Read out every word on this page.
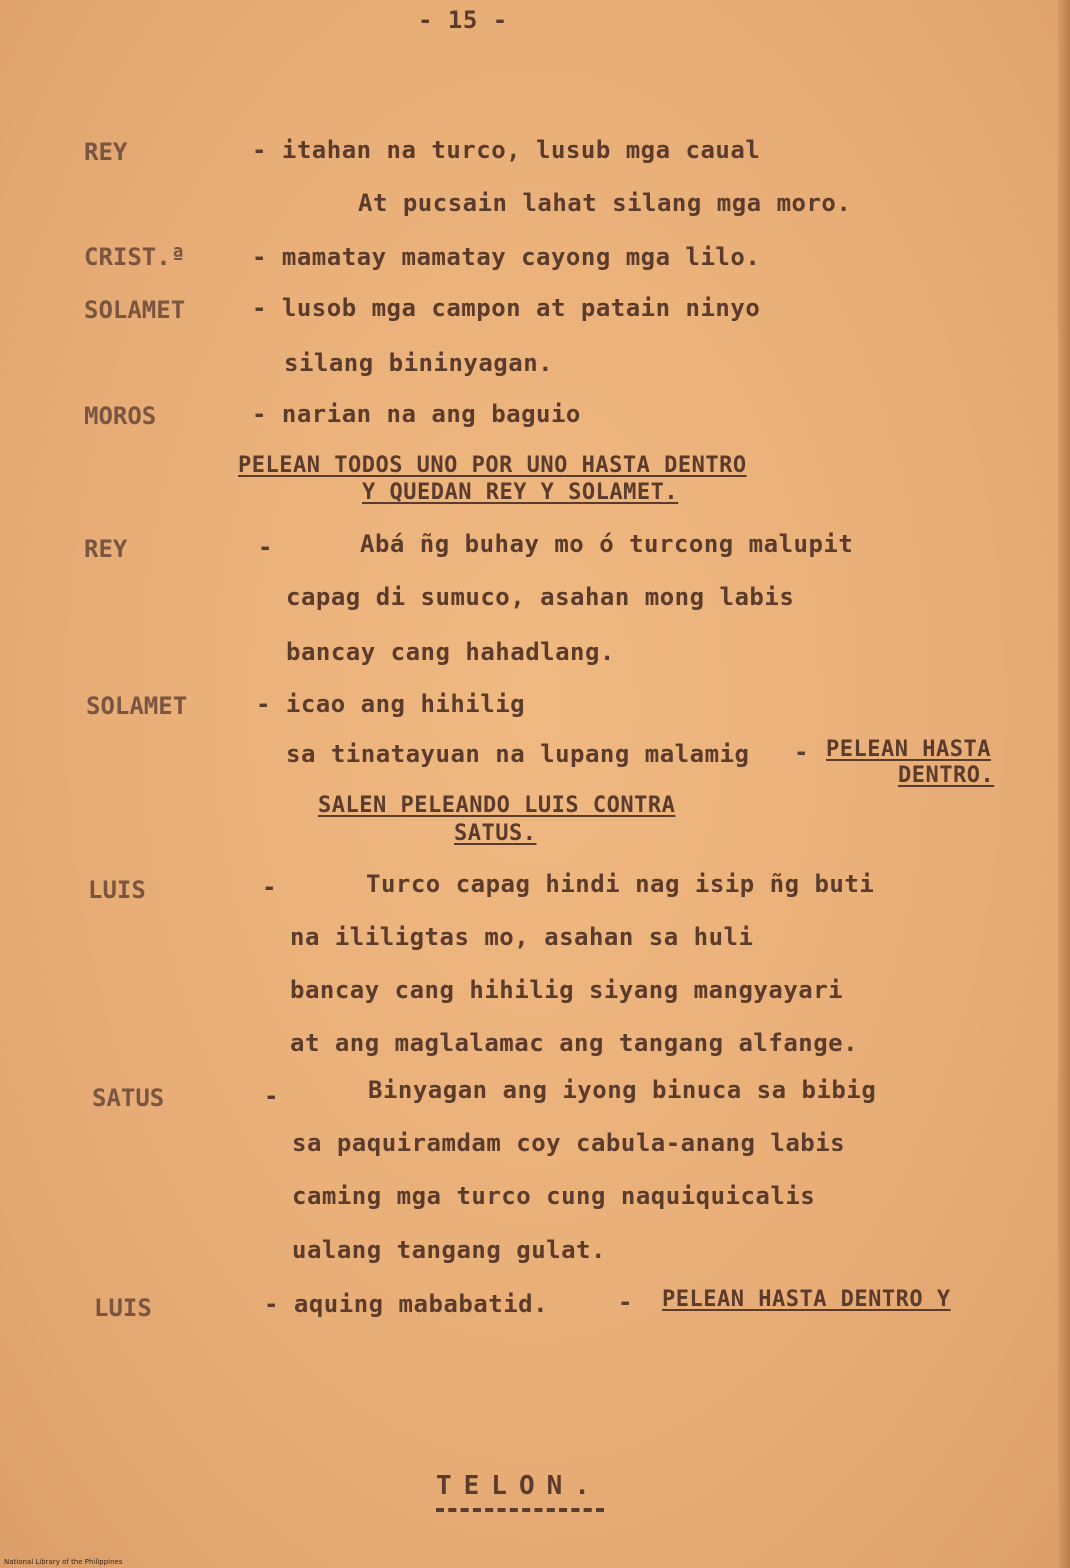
- 15 -
REY	- itahan na turco, lusub mga caual
At pucsain lahat silang mga moro.
CRIST.ª	- mamatay mamatay cayong mga lilo.
SOLAMET	- lusob mga campon at patain ninyo
silang bininyagan.
MOROS	- narian na ang baguio
PELEAN TODOS UNO POR UNO HASTA DENTRO
Y QUEDAN REY Y SOLAMET.
REY	-	Abá ñg buhay mo ó turcong malupit
capag di sumuco, asahan mong labis
bancay cang hahadlang.
SOLAMET	- icao ang hihilig
sa tinatayuan na lupang malamig - PELEAN HASTA
DENTRO.
SALEN PELEANDO LUIS CONTRA
SATUS.
LUIS	-	Turco capag hindi nag isip ñg buti
na ililigtas mo, asahan sa huli
bancay cang hihilig siyang mangyayari
at ang maglalamac ang tangang alfange.
SATUS	-	Binyagan ang iyong binuca sa bibig
sa paquiramdam coy cabula-anang labis
caming mga turco cung naquiquicalis
ualang tangang gulat.
LUIS	- aquing mababatid.	- PELEAN HASTA DENTRO Y
TELON.
National Library of the Philippines
